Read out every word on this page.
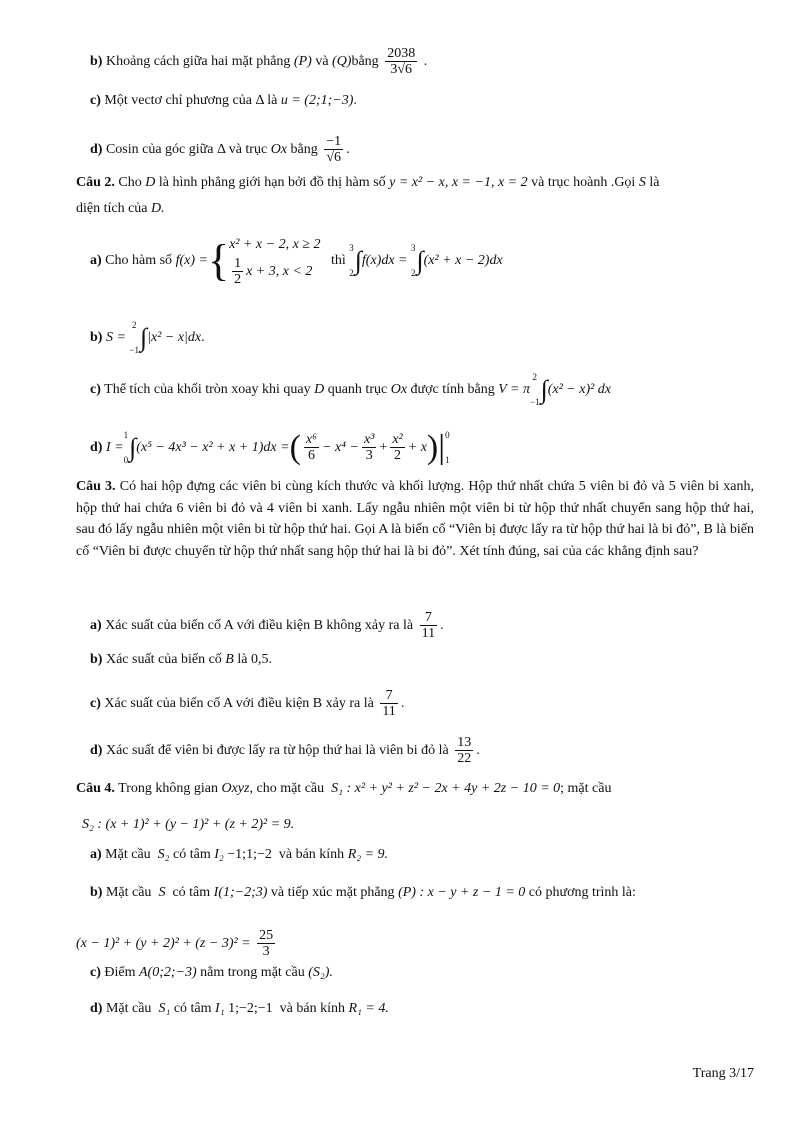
b) Khoảng cách giữa hai mặt phẳng (P) và (Q)bằng $\frac{2038}{3√6}$ .
c) Một vectơ chỉ phương của Δ là u = (2;1;−3).
d) Cosin của góc giữa Δ và trục Ox bằng $\frac{-1}{√6}$ .
Câu 2. Cho D là hình phẳng giới hạn bởi đồ thị hàm số y = x² − x, x = −1, x = 2 và trục hoành .Gọi S là
diện tích của D.
a) Cho hàm số f(x) ={ x² + x − 2, x ≥ 2
$\frac{1}{2}$ x + 3, x < 2
thì
3
2 ∫f(x)dx =
3
2 ∫(x² + x − 2)dx
b) S =
2
−1 ∫|x² − x|dx.
c) Thể tích của khối tròn xoay khi quay D quanh trục Ox được tính bằng V = π
2
−1 ∫(x² − x)² dx
d) I =
1
0 ∫(x⁵ − 4x³ − x² + x + 1)dx =( $\frac{\text{x⁶}}{6} - x^4 - \frac{\text{x³}}{3} + \frac{\text{x²}}{2} + x)|$ 0
1
Câu 3. Có hai hộp đựng các viên bi cùng kích thước và khối lượng. Hộp thứ nhất chứa 5 viên bi đỏ và 5 viên bi xanh, hộp thứ hai chứa 6 viên bi đỏ và 4 viên bi xanh. Lấy ngẫu nhiên một viên bi từ hộp thứ nhất chuyển sang hộp thứ hai, sau đó lấy ngẫu nhiên một viên bi từ hộp thứ hai. Gọi A là biến cố “Viên bị được lấy ra từ hộp thứ hai là bi đỏ”, B là biến cố “Viên bi được chuyển từ hộp thứ nhất sang hộp thứ hai là bi đỏ”. Xét tính đúng, sai của các khẳng định sau?
a) Xác suất của biến cố A với điều kiện B không xảy ra là $\frac{7}{11}$ .
b) Xác suất của biến cố B là 0,5.
c) Xác suất của biến cố A với điều kiện B xảy ra là $\frac{7}{11}$ .
d) Xác suất để viên bi được lấy ra từ hộp thứ hai là viên bi đỏ là $\frac{13}{22}$ .
Câu 4. Trong không gian Oxyz, cho mặt cầu S₁ : x² + y² + z² − 2x + 4y + 2z − 10 = 0; mặt cầu
S₂ : (x + 1)² + (y − 1)² + (z + 2)² = 9.
a) Mặt cầu S₂ có tâm I₂ −1;1;−2 và bán kính R₂ = 9.
b) Mặt cầu S có tâm I(1;−2;3) và tiếp xúc mặt phẳng (P) : x − y + z − 1 = 0 có phương trình là:
$(x - 1)^2 + (y + 2)^2 + (z - 3)^2 = \frac{25}{3}$
c) Điểm A(0;2;−3) nằm trong mặt cầu (S₂).
d) Mặt cầu S₁ có tâm I₁ 1;−2;−1 và bán kính R₁ = 4.
Trang 3/17
